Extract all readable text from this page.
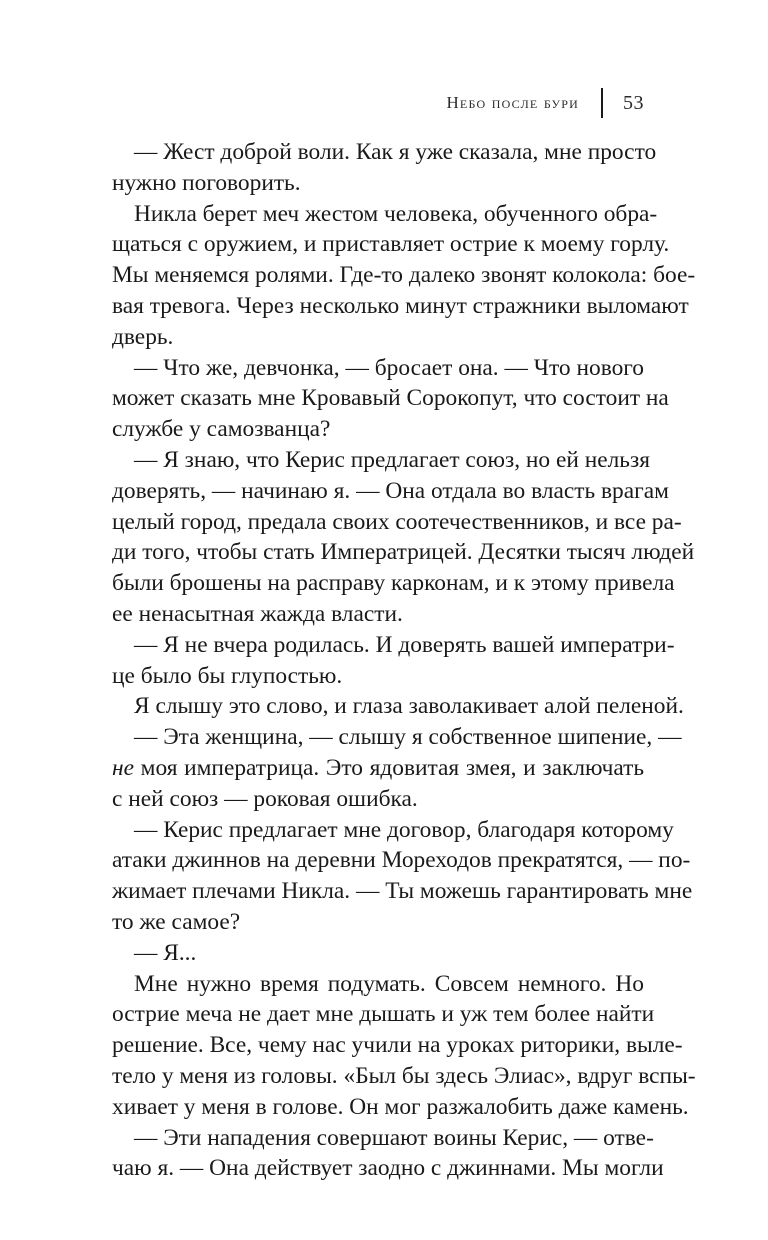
Небо после бури 53
— Жест доброй воли. Как я уже сказала, мне просто
нужно поговорить.
Никла берет меч жестом человека, обученного обра-
щаться с оружием, и приставляет острие к моему горлу.
Мы меняемся ролями. Где-то далеко звонят колокола: бое-
вая тревога. Через несколько минут стражники выломают
дверь.
— Что же, девчонка, — бросает она. — Что нового
может сказать мне Кровавый Сорокопут, что состоит на
службе у самозванца?
— Я знаю, что Керис предлагает союз, но ей нельзя
доверять, — начинаю я. — Она отдала во власть врагам
целый город, предала своих соотечественников, и все ра-
ди того, чтобы стать Императрицей. Десятки тысяч людей
были брошены на расправу карконам, и к этому привела
ее ненасытная жажда власти.
— Я не вчера родилась. И доверять вашей императри-
це было бы глупостью.
Я слышу это слово, и глаза заволакивает алой пеленой.
— Эта женщина, — слышу я собственное шипение, —
не моя императрица. Это ядовитая змея, и заключать
с ней союз — роковая ошибка.
— Керис предлагает мне договор, благодаря которому
атаки джиннов на деревни Мореходов прекратятся, — по-
жимает плечами Никла. — Ты можешь гарантировать мне
то же самое?
— Я...
Мне нужно время подумать. Совсем немного. Но
острие меча не дает мне дышать и уж тем более найти
решение. Все, чему нас учили на уроках риторики, выле-
тело у меня из головы. «Был бы здесь Элиас», вдруг вспы-
хивает у меня в голове. Он мог разжалобить даже камень.
— Эти нападения совершают воины Керис, — отве-
чаю я. — Она действует заодно с джиннами. Мы могли
